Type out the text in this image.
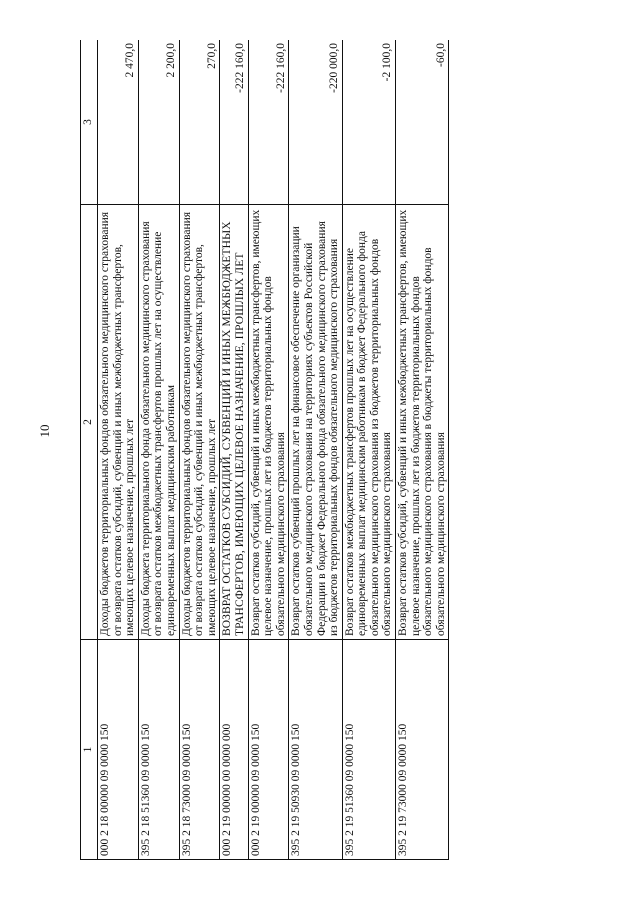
10
1	2	3
000 2 18 00000 09 0000 150	Доходы бюджетов территориальных фондов обязательного медицинского страхования от возврата остатков субсидий, субвенций и иных межбюджетных трансфертов, имеющих целевое назначение, прошлых лет	2 470,0
395 2 18 51360 09 0000 150	Доходы бюджета территориального фонда обязательного медицинского страхования от возврата остатков межбюджетных трансфертов прошлых лет на осуществление единовременных выплат медицинским работникам	2 200,0
395 2 18 73000 09 0000 150	Доходы бюджетов территориальных фондов обязательного медицинского страхования от возврата остатков субсидий, субвенций и иных межбюджетных трансфертов, имеющих целевое назначение, прошлых лет	270,0
000 2 19 00000 00 0000 000	ВОЗВРАТ ОСТАТКОВ СУБСИДИЙ, СУБВЕНЦИЙ И ИНЫХ МЕЖБЮДЖЕТНЫХ ТРАНСФЕРТОВ, ИМЕЮЩИХ ЦЕЛЕВОЕ НАЗНАЧЕНИЕ, ПРОШЛЫХ ЛЕТ	-222 160,0
000 2 19 00000 09 0000 150	Возврат остатков субсидий, субвенций и иных межбюджетных трансфертов, имеющих целевое назначение, прошлых лет из бюджетов территориальных фондов обязательного медицинского страхования	-222 160,0
395 2 19 50930 09 0000 150	Возврат остатков субвенций прошлых лет на финансовое обеспечение организации обязательного медицинского страхования на территориях субъектов Российской Федерации в бюджет Федерального фонда обязательного медицинского страхования из бюджетов территориальных фондов обязательного медицинского страхования	-220 000,0
395 2 19 51360 09 0000 150	Возврат остатков межбюджетных трансфертов прошлых лет на осуществление единовременных выплат медицинским работникам в бюджет Федерального фонда обязательного медицинского страхования из бюджетов территориальных фондов обязательного медицинского страхования	-2 100,0
395 2 19 73000 09 0000 150	Возврат остатков субсидий, субвенций и иных межбюджетных трансфертов, имеющих целевое назначение, прошлых лет из бюджетов территориальных фондов обязательного медицинского страхования в бюджеты территориальных фондов обязательного медицинского страхования	-60,0
